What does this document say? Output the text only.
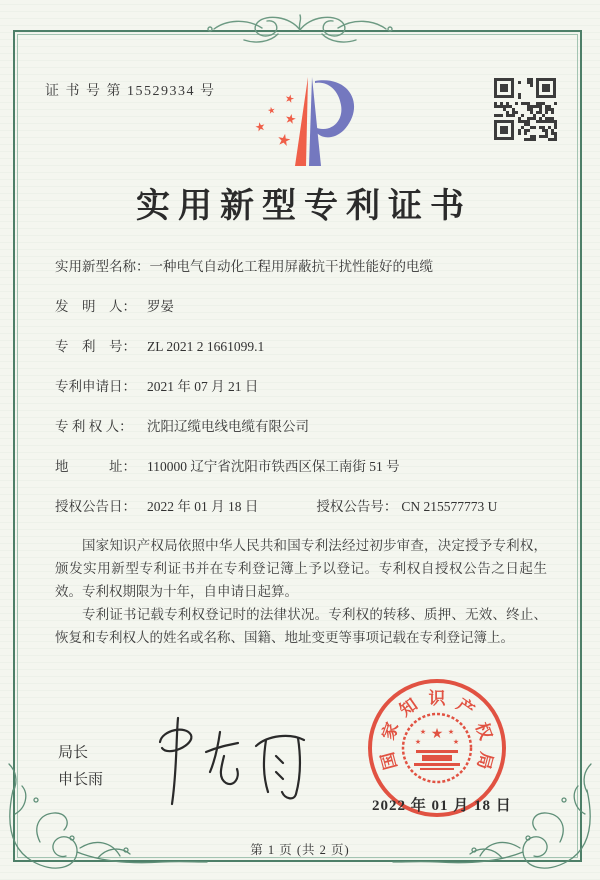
证 书 号 第 15529334 号	★
★ ★
★
★
实用新型专利证书
实用新型名称： 一种电气自动化工程用屏蔽抗干扰性能好的电缆
发　明　人： 罗晏
专　利　号： ZL 2021 2 1661099.1
专利申请日： 2021 年 07 月 21 日
专 利 权 人：	沈阳辽缆电线电缆有限公司
地　　　址： 110000 辽宁省沈阳市铁西区保工南街 51 号
授权公告日： 2022 年 01 月 18 日	授权公告号： CN 215577773 U

国家知识产权局依照中华人民共和国专利法经过初步审查，决定授予专利权，颁发实用新型专利证书并在专利登记簿上予以登记。专利权自授权公告之日起生效。专利权期限为十年，自申请日起算。

专利证书记载专利权登记时的法律状况。专利权的转移、质押、无效、终止、恢复和专利权人的姓名或名称、国籍、地址变更等事项记载在专利登记簿上。

局长
申长雨
国
家
知 识 产
权
局
★
★	★
★	★
2022 年 01 月 18 日
第 1 页 (共 2 页)
